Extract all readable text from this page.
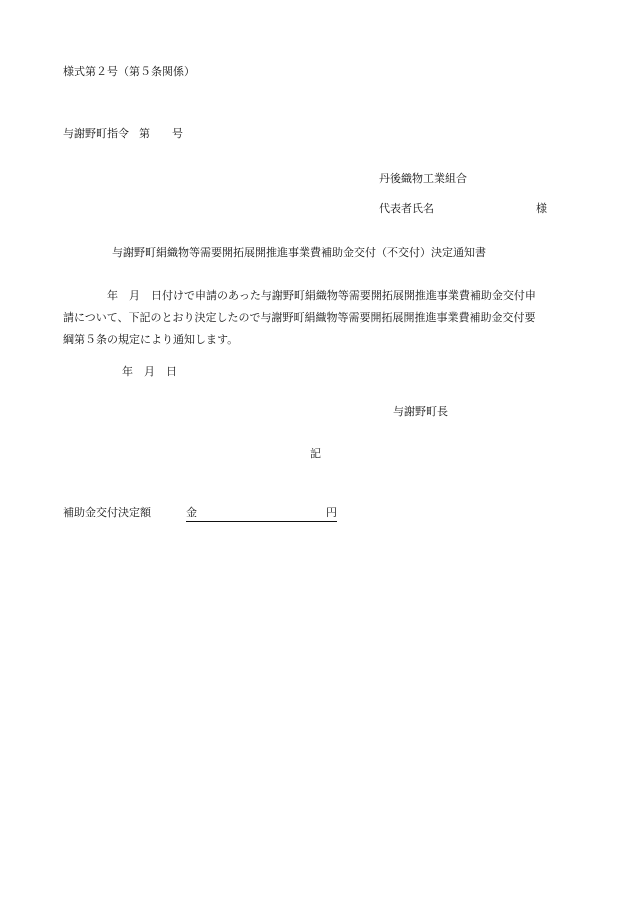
様式第２号（第５条関係）
与謝野町指令 第 号
丹後織物工業組合
代表者氏名	様
与謝野町絹織物等需要開拓展開推進事業費補助金交付（不交付）決定通知書
年　月　日付けで申請のあった与謝野町絹織物等需要開拓展開推進事業費補助金交付申
請について、下記のとおり決定したので与謝野町絹織物等需要開拓展開推進事業費補助金交付要
綱第５条の規定により通知します。
年　月　日
与謝野町長
記
補助金交付決定額	金	円
